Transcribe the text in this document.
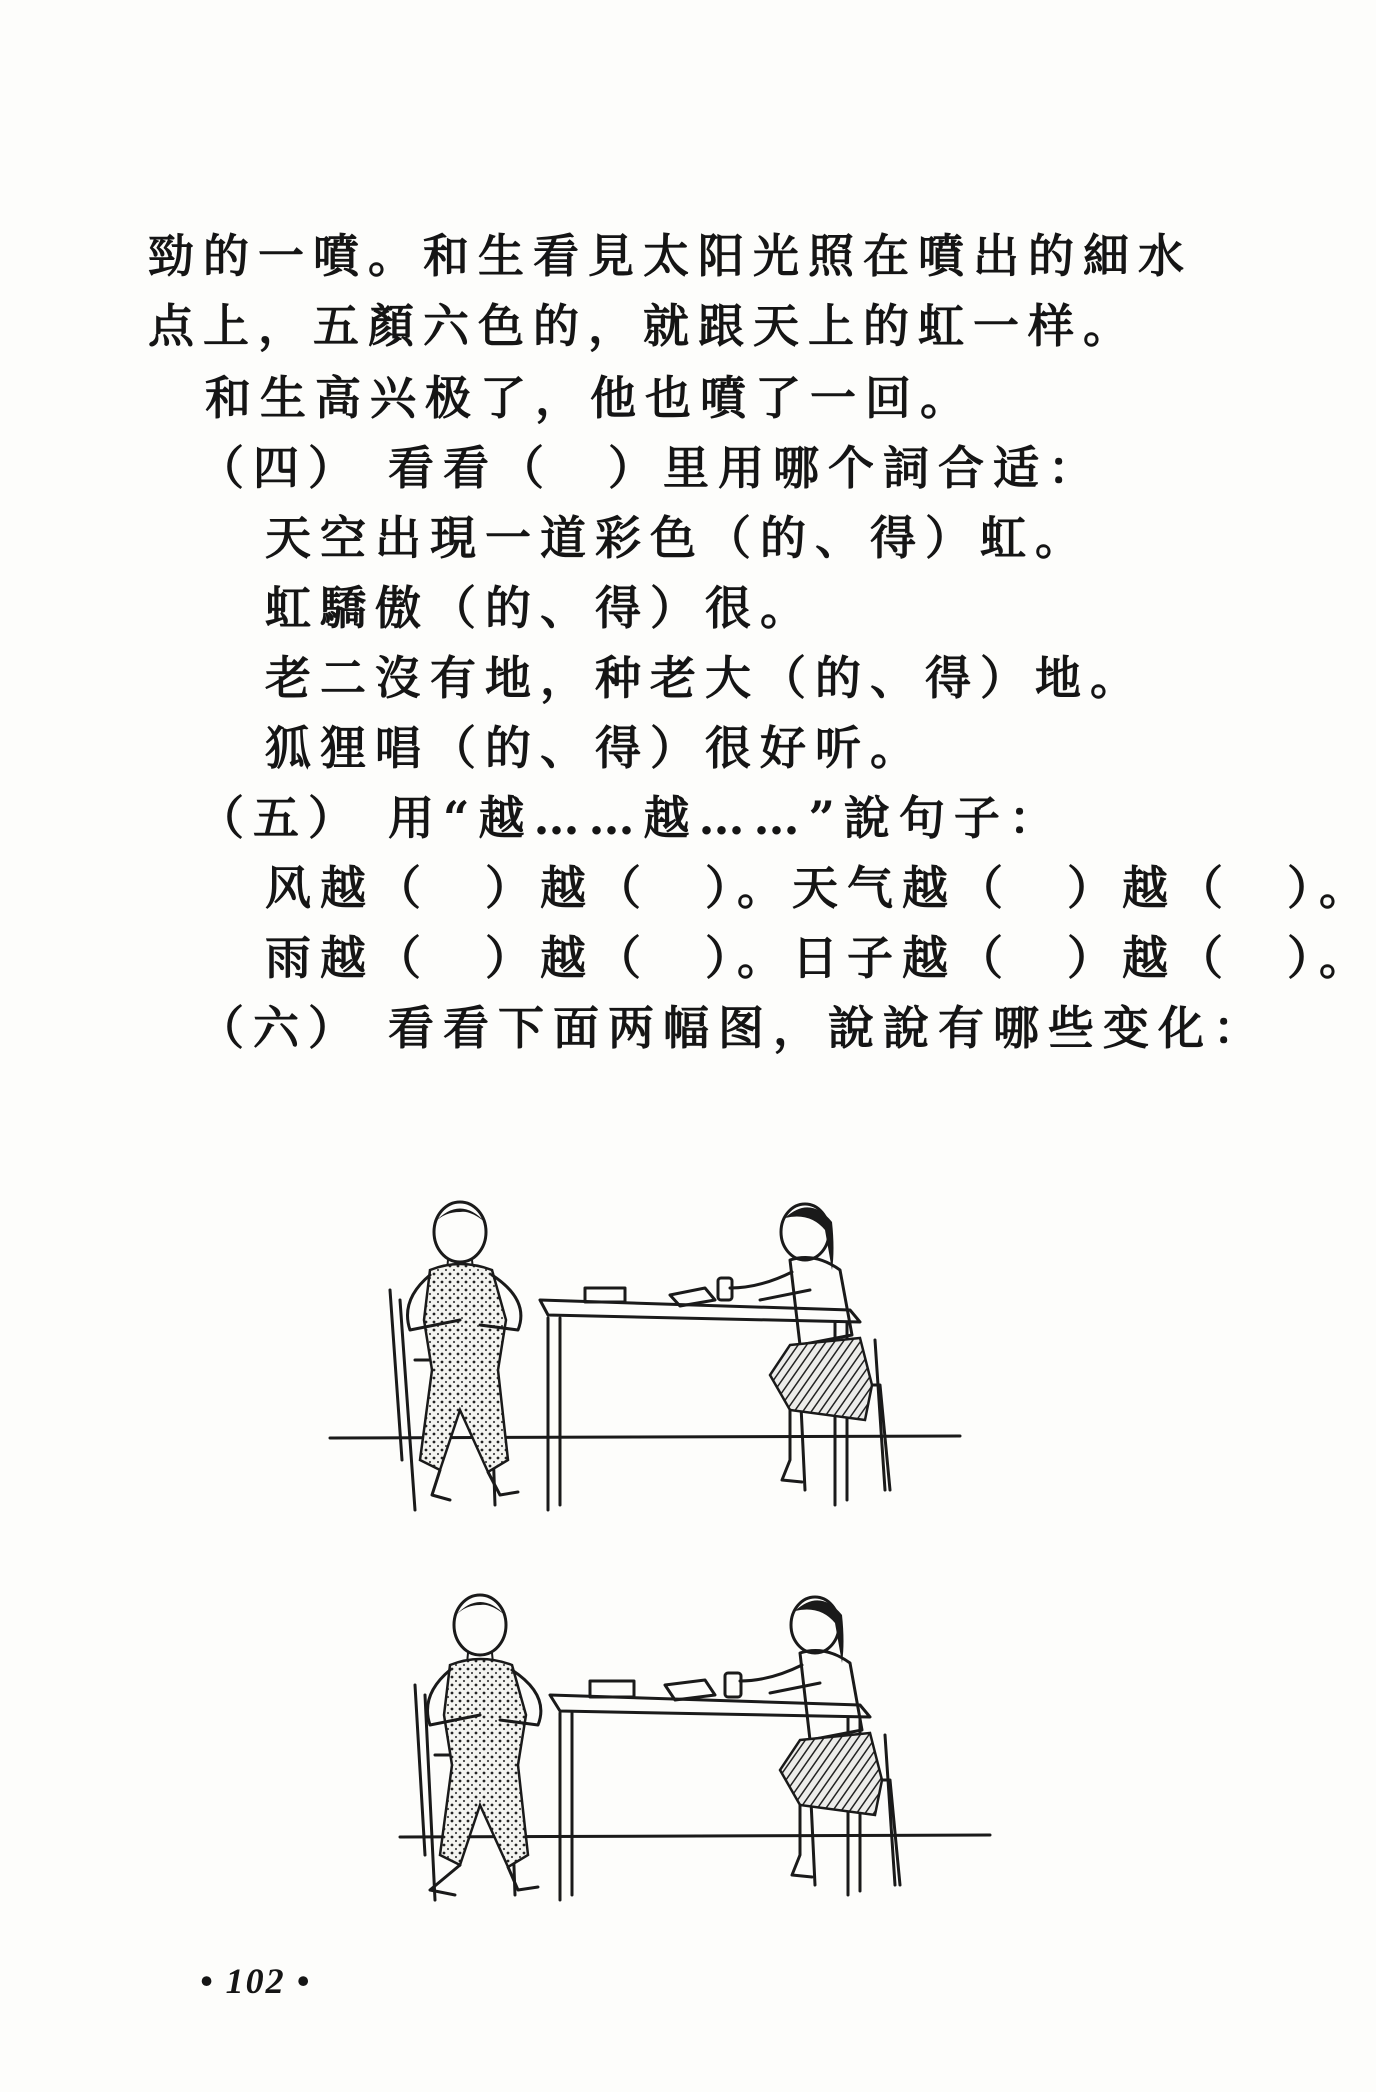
勁的一噴。和生看見太阳光照在噴出的細水
点上，五顏六色的，就跟天上的虹一样。
和生高兴极了，他也噴了一回。
（四） 看看（　）里用哪个詞合适：
天空出現一道彩色（的、得）虹。
虹驕傲（的、得）很。
老二沒有地，种老大（的、得）地。
狐狸唱（的、得）很好听。
（五） 用“越……越……”說句子：
风越（　）越（　）。天气越（　）越（　）。
雨越（　）越（　）。日子越（　）越（　）。
（六） 看看下面两幅图，說說有哪些变化：
• 102 •
